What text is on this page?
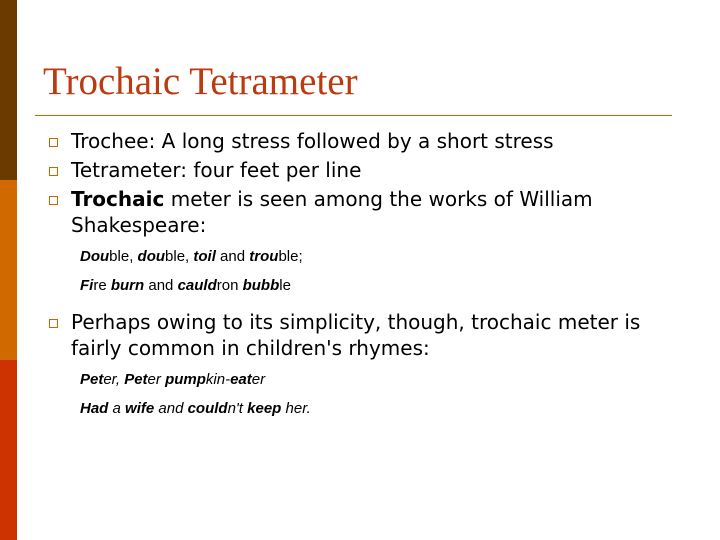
Trochaic Tetrameter
Trochee: A long stress followed by a short stress
Tetrameter: four feet per line
Trochaic meter is seen among the works of William Shakespeare:
Double, double, toil and trouble;
Fire burn and cauldron bubble
Perhaps owing to its simplicity, though, trochaic meter is fairly common in children's rhymes:
Peter, Peter pumpkin-eater
Had a wife and couldn't keep her.
